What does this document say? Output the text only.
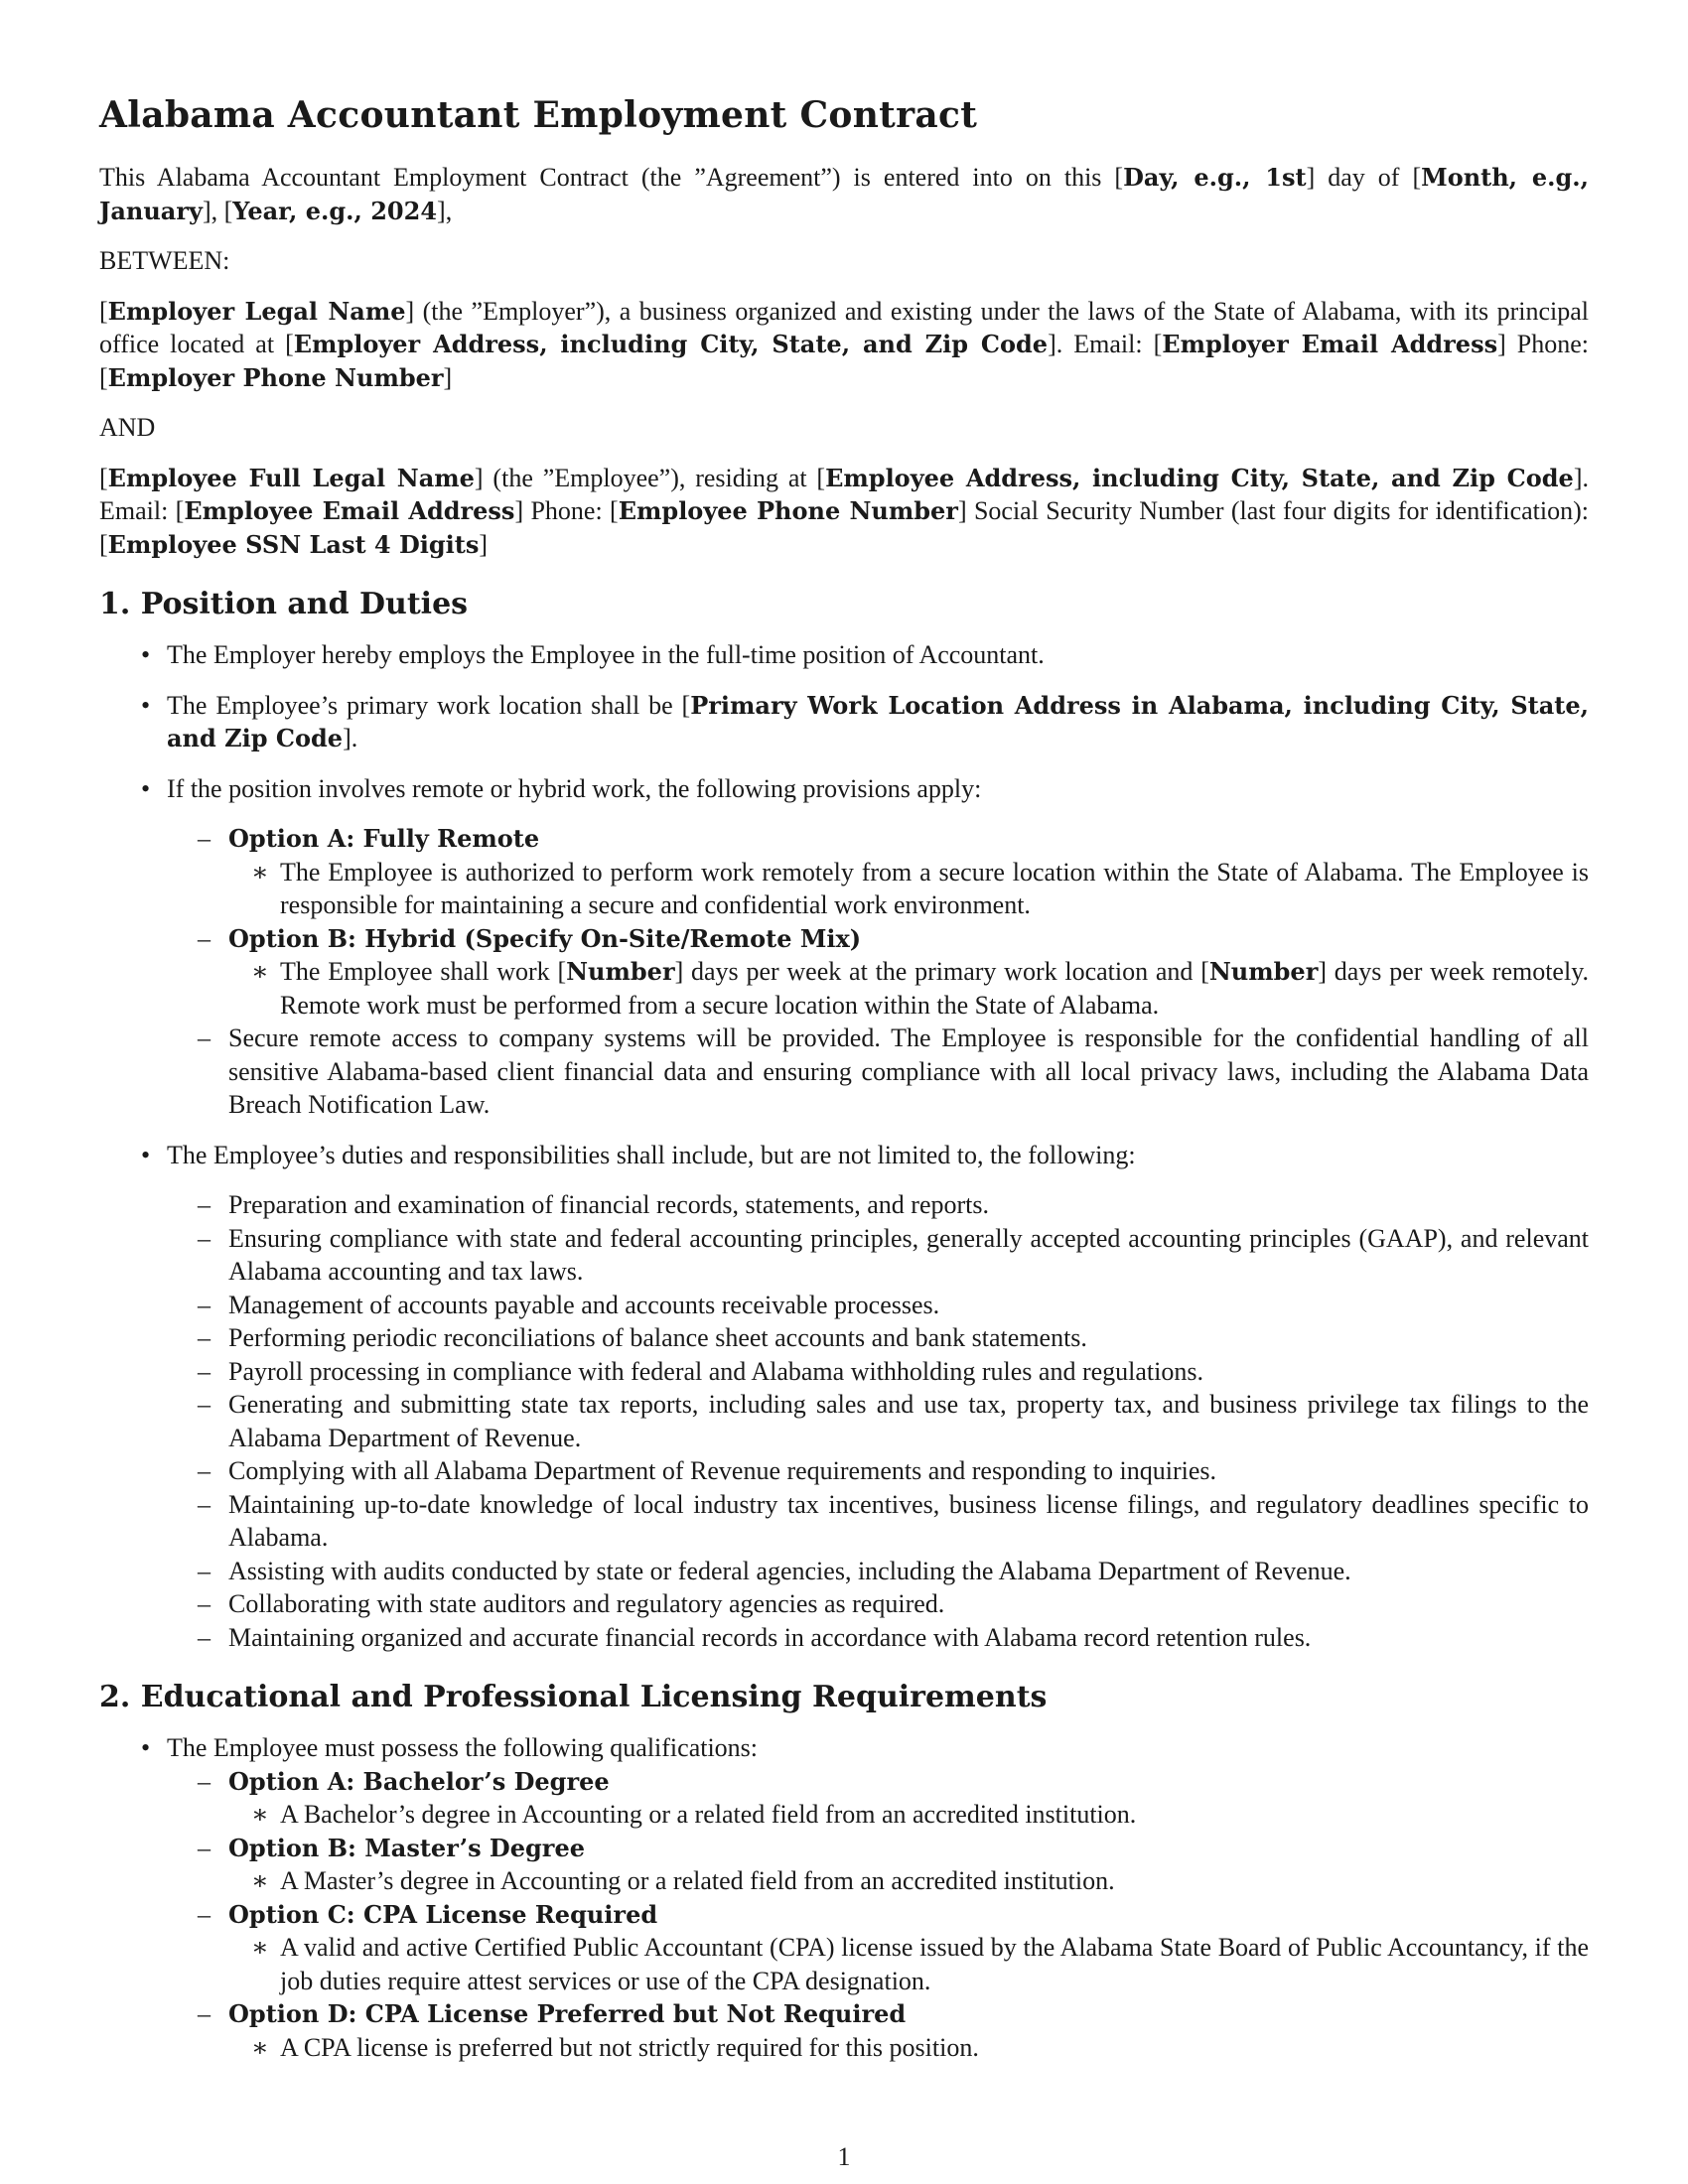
Alabama Accountant Employment Contract

This Alabama Accountant Employment Contract (the ”Agreement”) is entered into on this [Day, e.g., 1st] day of [Month, e.g., January], [Year, e.g., 2024],

BETWEEN:

[Employer Legal Name] (the ”Employer”), a business organized and existing under the laws of the State of Alabama, with its principal office located at [Employer Address, including City, State, and Zip Code]. Email: [Employer Email Address] Phone: [Employer Phone Number]

AND

[Employee Full Legal Name] (the ”Employee”), residing at [Employee Address, including City, State, and Zip Code]. Email: [Employee Email Address] Phone: [Employee Phone Number] Social Security Number (last four digits for identification): [Employee SSN Last 4 Digits]

1. Position and Duties
• The Employer hereby employs the Employee in the full-time position of Accountant.
• The Employee’s primary work location shall be [Primary Work Location Address in Alabama, including City, State, and Zip Code].
• If the position involves remote or hybrid work, the following provisions apply:
– Option A: Fully Remote
∗ The Employee is authorized to perform work remotely from a secure location within the State of Alabama. The Employee is responsible for maintaining a secure and confidential work environment.
– Option B: Hybrid (Specify On-Site/Remote Mix)
∗ The Employee shall work [Number] days per week at the primary work location and [Number] days per week remotely. Remote work must be performed from a secure location within the State of Alabama.
– Secure remote access to company systems will be provided. The Employee is responsible for the confidential handling of all sensitive Alabama-based client financial data and ensuring compliance with all local privacy laws, including the Alabama Data Breach Notification Law.
• The Employee’s duties and responsibilities shall include, but are not limited to, the following:
– Preparation and examination of financial records, statements, and reports.
– Ensuring compliance with state and federal accounting principles, generally accepted accounting principles (GAAP), and relevant Alabama accounting and tax laws.
– Management of accounts payable and accounts receivable processes.
– Performing periodic reconciliations of balance sheet accounts and bank statements.
– Payroll processing in compliance with federal and Alabama withholding rules and regulations.
– Generating and submitting state tax reports, including sales and use tax, property tax, and business privilege tax filings to the Alabama Department of Revenue.
– Complying with all Alabama Department of Revenue requirements and responding to inquiries.
– Maintaining up-to-date knowledge of local industry tax incentives, business license filings, and regulatory deadlines specific to Alabama.
– Assisting with audits conducted by state or federal agencies, including the Alabama Department of Revenue.
– Collaborating with state auditors and regulatory agencies as required.
– Maintaining organized and accurate financial records in accordance with Alabama record retention rules.
2. Educational and Professional Licensing Requirements
• The Employee must possess the following qualifications:
– Option A: Bachelor’s Degree
∗ A Bachelor’s degree in Accounting or a related field from an accredited institution.
– Option B: Master’s Degree
∗ A Master’s degree in Accounting or a related field from an accredited institution.
– Option C: CPA License Required
∗ A valid and active Certified Public Accountant (CPA) license issued by the Alabama State Board of Public Accountancy, if the job duties require attest services or use of the CPA designation.
– Option D: CPA License Preferred but Not Required
∗ A CPA license is preferred but not strictly required for this position.
1
